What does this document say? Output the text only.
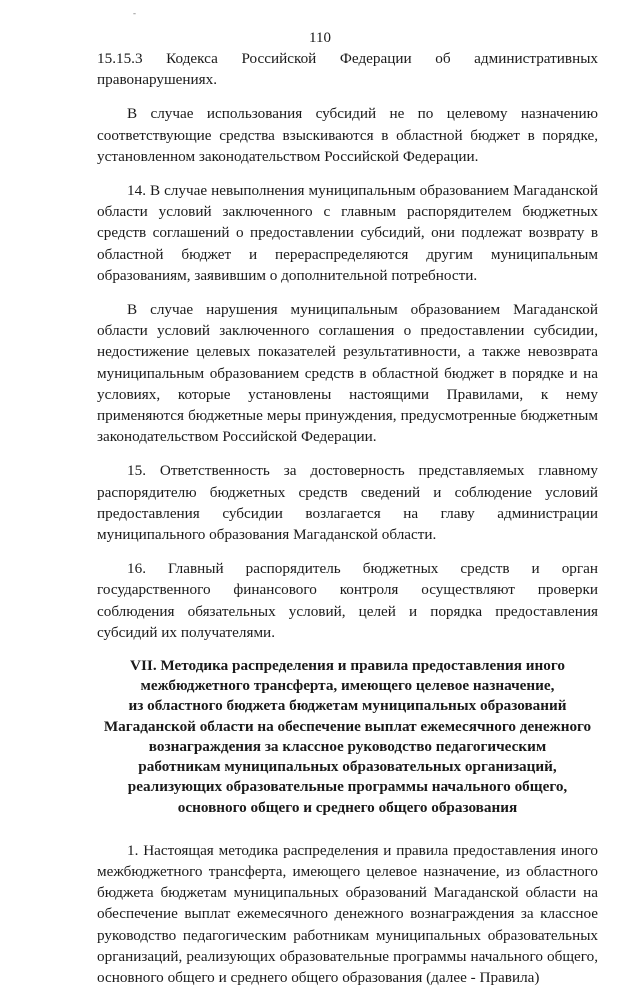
-
110

15.15.3 Кодекса Российской Федерации об административных правонарушениях.

В случае использования субсидий не по целевому назначению соответствующие средства взыскиваются в областной бюджет в порядке, установленном законодательством Российской Федерации.

14. В случае невыполнения муниципальным образованием Магаданской области условий заключенного с главным распорядителем бюджетных средств соглашений о предоставлении субсидий, они подлежат возврату в областной бюджет и перераспределяются другим муниципальным образованиям, заявившим о дополнительной потребности.

В случае нарушения муниципальным образованием Магаданской области условий заключенного соглашения о предоставлении субсидии, недостижение целевых показателей результативности, а также невозврата муниципальным образованием средств в областной бюджет в порядке и на условиях, которые установлены настоящими Правилами, к нему применяются бюджетные меры принуждения, предусмотренные бюджетным законодательством Российской Федерации.

15. Ответственность за достоверность представляемых главному распорядителю бюджетных средств сведений и соблюдение условий предоставления субсидии возлагается на главу администрации муниципального образования Магаданской области.

16. Главный распорядитель бюджетных средств и орган государственного финансового контроля осуществляют проверки соблюдения обязательных условий, целей и порядка предоставления субсидий их получателями.

VII. Методика распределения и правила предоставления иного
межбюджетного трансферта, имеющего целевое назначение,
из областного бюджета бюджетам муниципальных образований
Магаданской области на обеспечение выплат ежемесячного денежного
вознаграждения за классное руководство педагогическим
работникам муниципальных образовательных организаций,
реализующих образовательные программы начального общего,
основного общего и среднего общего образования

1. Настоящая методика распределения и правила предоставления иного межбюджетного трансферта, имеющего целевое назначение, из областного бюджета бюджетам муниципальных образований Магаданской области на обеспечение выплат ежемесячного денежного вознаграждения за классное руководство педагогическим работникам муниципальных образовательных организаций, реализующих образовательные программы начального общего, основного общего и среднего общего образования (далее - Правила)
